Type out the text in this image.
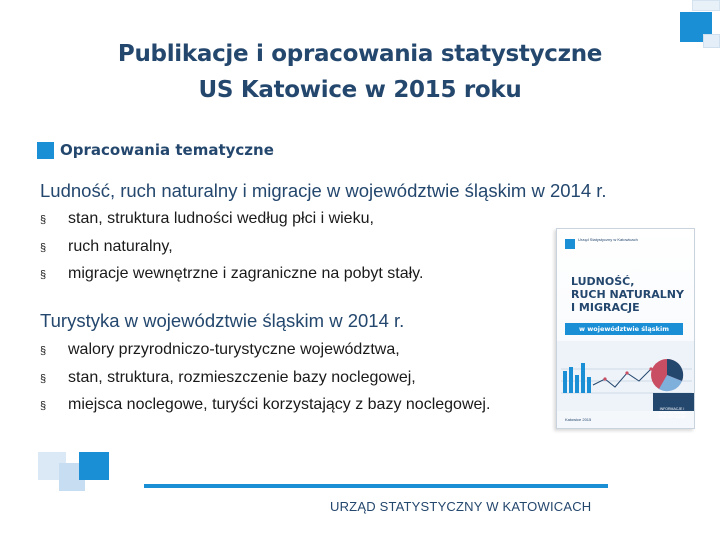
Publikacje i opracowania statystyczne
US Katowice w 2015 roku
Opracowania tematyczne
Ludność, ruch naturalny i migracje w województwie śląskim w 2014 r.
§ stan, struktura ludności według płci i wieku,
§ ruch naturalny,
§ migracje wewnętrzne i zagraniczne na pobyt stały.
Turystyka w województwie śląskim w 2014 r.
§ walory przyrodniczo-turystyczne województwa,
§ stan, struktura, rozmieszczenie bazy noclegowej,
§ miejsca noclegowe, turyści korzystający z bazy noclegowej.
Urząd Statystyczny w Katowicach
LUDNOŚĆ,
RUCH NATURALNY
I MIGRACJE
w województwie śląskim
Katowice 2015
INFORMACJE I OPRACOWANIA STATYSTYCZNE
URZĄD STATYSTYCZNY W KATOWICACH
